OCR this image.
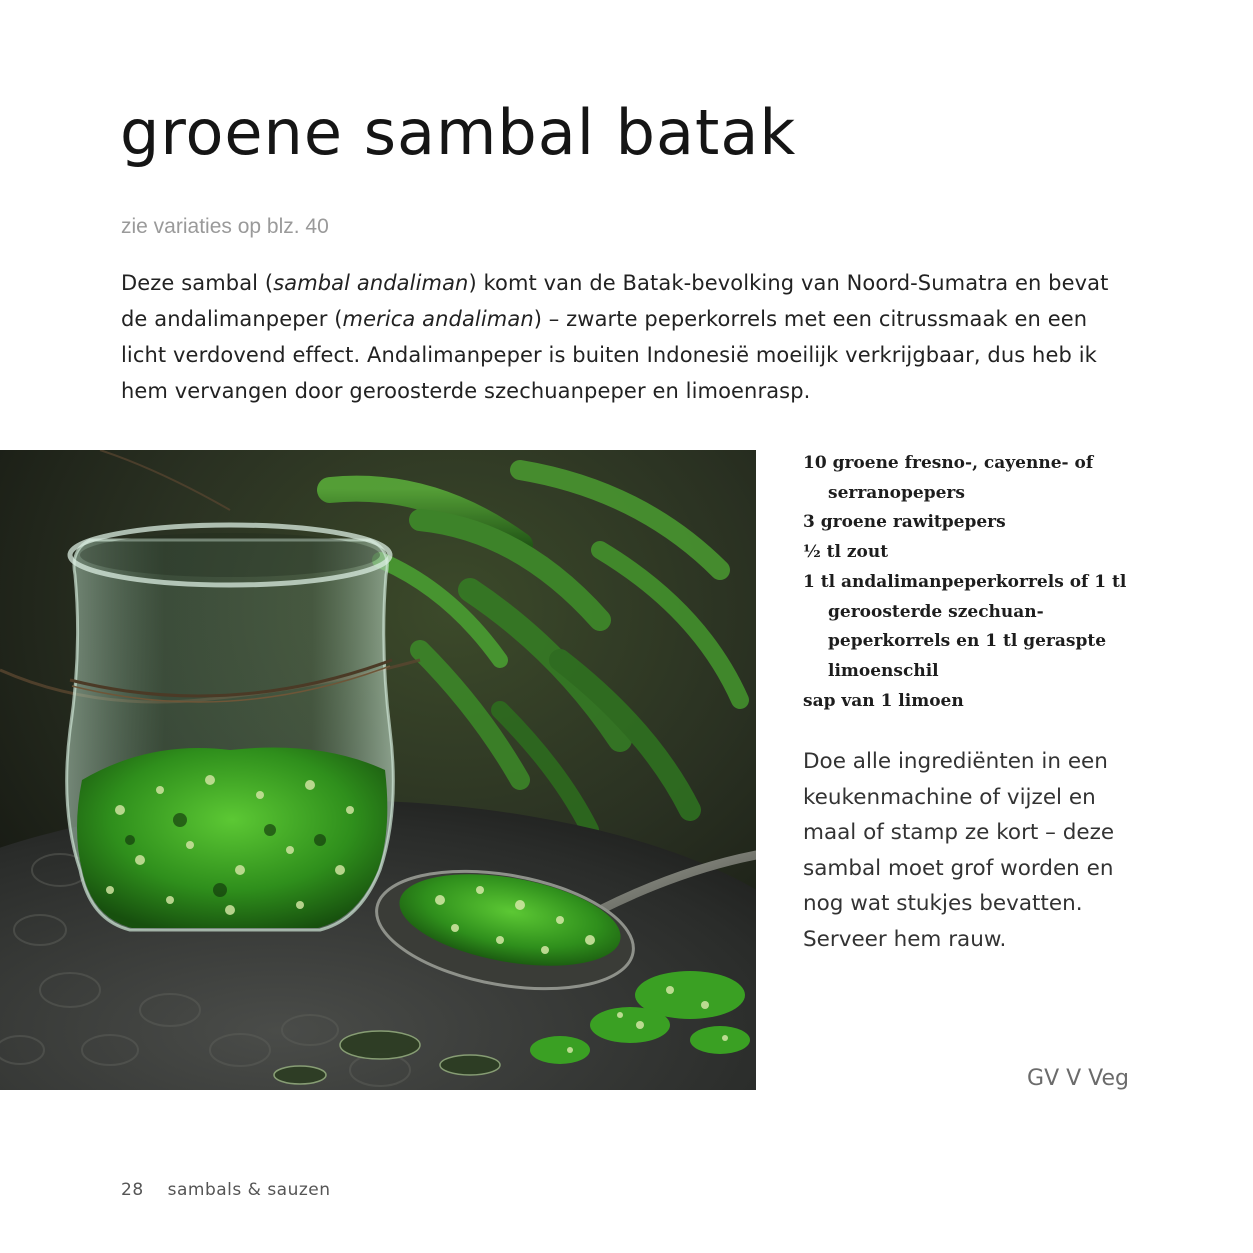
groene sambal batak
zie variaties op blz. 40

Deze sambal (sambal andaliman) komt van de Batak-bevolking van Noord-Sumatra en bevat de andalimanpeper (merica andaliman) – zwarte peperkorrels met een citrussmaak en een licht verdovend effect. Andalimanpeper is buiten Indonesië moeilijk verkrijgbaar, dus heb ik hem vervangen door geroosterde szechuanpeper en limoenrasp.

10 groene fresno-, cayenne- of serranopepers
3 groene rawitpepers
½ tl zout
1 tl andalimanpeperkorrels of 1 tl geroosterde szechuanpeperkorrels en 1 tl geraspte limoenschil
sap van 1 limoen

Doe alle ingrediënten in een keukenmachine of vijzel en maal of stamp ze kort – deze sambal moet grof worden en nog wat stukjes bevatten. Serveer hem rauw.

GV V Veg
28 sambals & sauzen
